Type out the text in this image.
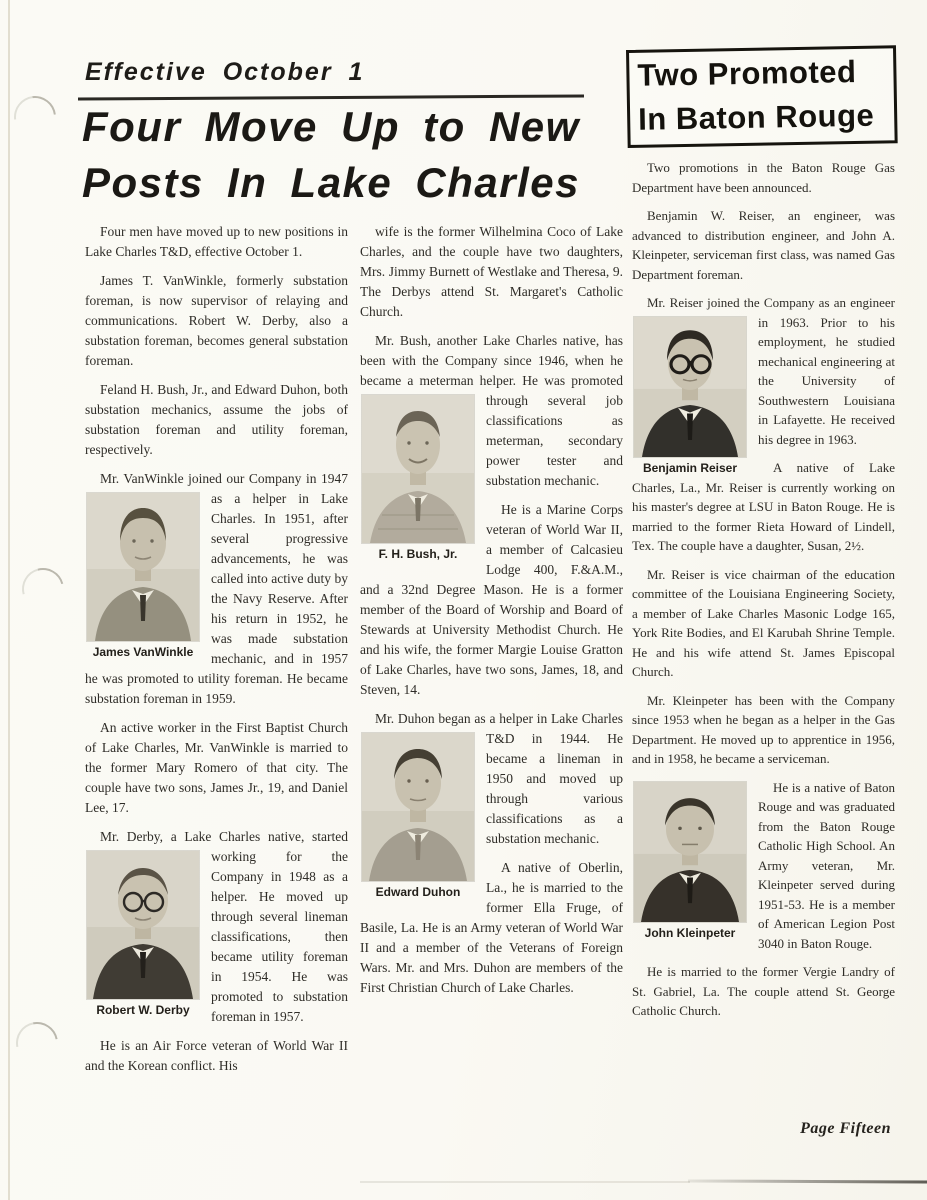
Effective October 1
Four Move Up to New
Posts In Lake Charles
Two Promoted
In Baton Rouge

Four men have moved up to new positions in Lake Charles T&D, effective October 1.

James T. VanWinkle, formerly substation foreman, is now supervisor of relaying and communications. Robert W. Derby, also a substation foreman, becomes general substation foreman.

Feland H. Bush, Jr., and Edward Duhon, both substation mechanics, assume the jobs of substation foreman and utility foreman, respectively.

Mr. VanWinkle joined our Company
James VanWinkle
in 1947 as a helper in Lake Charles. In 1951, after several progressive advancements, he was called into active duty by the Navy Reserve. After his return in 1952, he was made substation mechanic, and in 1957 he was promoted to utility foreman. He became substation foreman in 1959.

An active worker in the First Baptist Church of Lake Charles, Mr. VanWinkle is married to the former Mary Romero of that city. The couple have two sons, James Jr., 19, and Daniel Lee, 17.

Mr. Derby, a Lake Charles native,
Robert W. Derby
started working for the Company in 1948 as a helper. He moved up through several lineman classifications, then became utility foreman in 1954. He was promoted to substation foreman in 1957.

He is an Air Force veteran of World War II and the Korean conflict. His

wife is the former Wilhelmina Coco of Lake Charles, and the couple have two daughters, Mrs. Jimmy Burnett of Westlake and Theresa, 9. The Derbys attend St. Margaret's Catholic Church.

Mr. Bush, another Lake Charles native, has been with the Company since 1946, when he became a meterman helper. He was promoted through several
F. H. Bush, Jr.
job classifications as meterman, secondary power tester and substation mechanic.

He is a Marine Corps veteran of World War II, a member of Calcasieu Lodge 400, F.&A.M., and a 32nd Degree Mason. He is a former member of the Board of Worship and Board of Stewards at University Methodist Church. He and his wife, the former Margie Louise Gratton of Lake Charles, have two sons, James, 18, and Steven, 14.

Mr. Duhon began as a helper in Lake
Edward Duhon
Charles T&D in 1944. He became a lineman in 1950 and moved up through various classifications as a substation mechanic.

A native of Oberlin, La., he is married to the former Ella Fruge, of Basile, La. He is an Army veteran of World War II and a member of the Veterans of Foreign Wars. Mr. and Mrs. Duhon are members of the First Christian Church of Lake Charles.

Two promotions in the Baton Rouge Gas Department have been announced.

Benjamin W. Reiser, an engineer, was advanced to distribution engineer, and John A. Kleinpeter, serviceman first class, was named Gas Department foreman.

Mr. Reiser joined the Company as
Benjamin Reiser
an engineer in 1963. Prior to his employment, he studied mechanical engineering at the University of Southwestern Louisiana in Lafayette. He received his degree in 1963.

A native of Lake Charles, La., Mr. Reiser is currently working on his master's degree at LSU in Baton Rouge. He is married to the former Rieta Howard of Lindell, Tex. The couple have a daughter, Susan, 2½.

Mr. Reiser is vice chairman of the education committee of the Louisiana Engineering Society, a member of Lake Charles Masonic Lodge 165, York Rite Bodies, and El Karubah Shrine Temple. He and his wife attend St. James Episcopal Church.

Mr. Kleinpeter has been with the Company since 1953 when he began as a helper in the Gas Department. He moved up to apprentice in 1956, and in 1958, he became a serviceman.

John Kleinpeter
He is a native of Baton Rouge and was graduated from the Baton Rouge Catholic High School. An Army veteran, Mr. Kleinpeter served during 1951-53. He is a member of American Legion Post 3040 in Baton Rouge.

He is married to the former Vergie Landry of St. Gabriel, La. The couple attend St. George Catholic Church.

Page Fifteen
